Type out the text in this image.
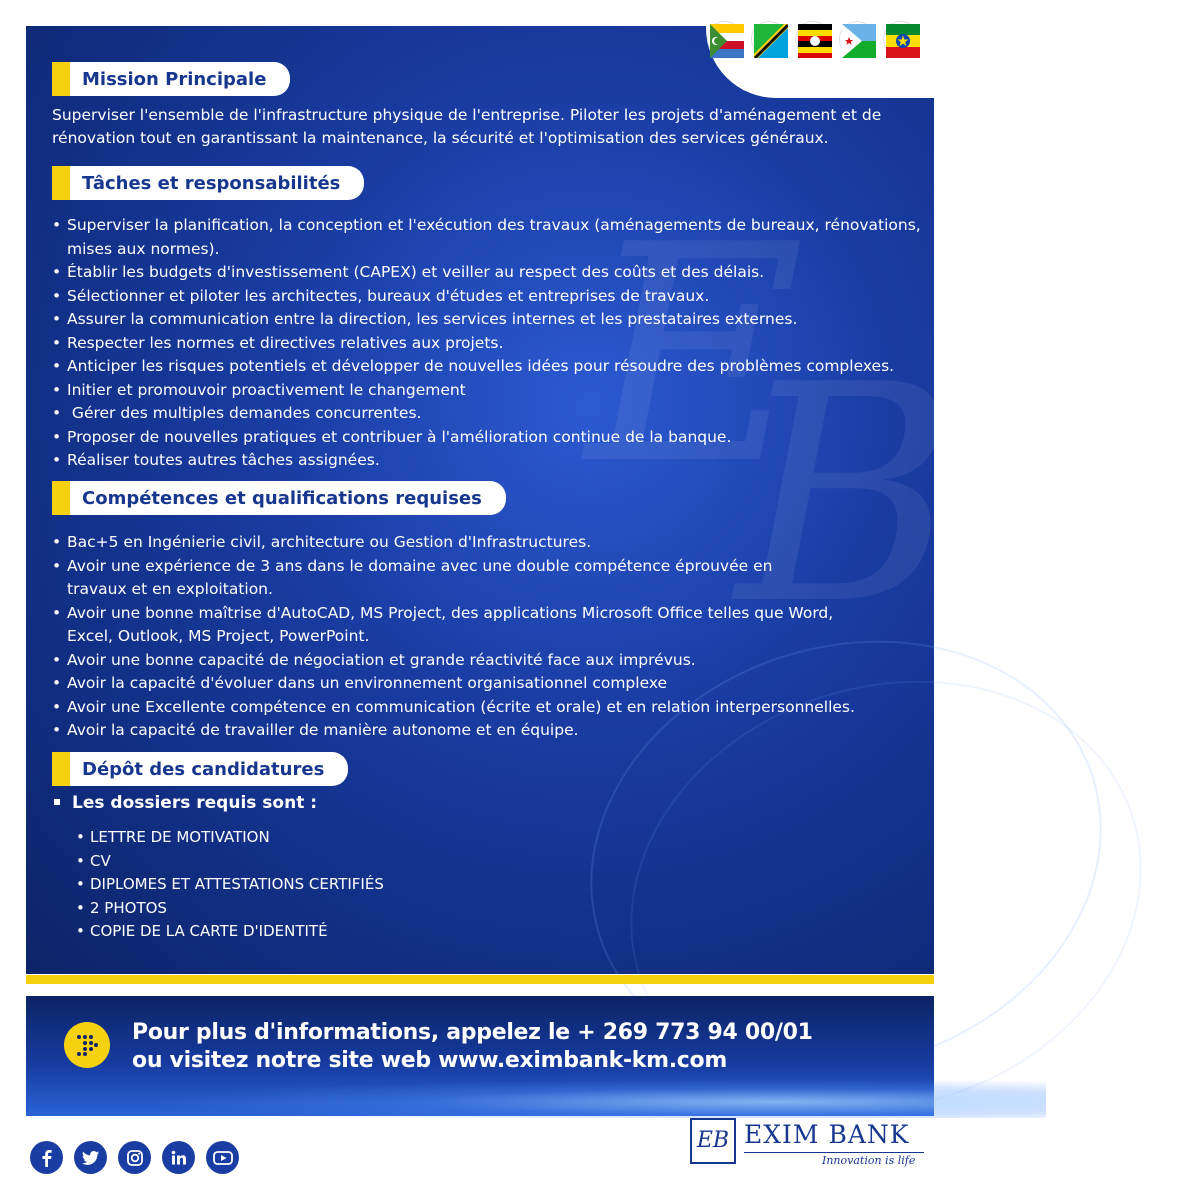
E
B
Mission Principale

Superviser l'ensemble de l'infrastructure physique de l'entreprise. Piloter les projets d'aménagement et de rénovation tout en garantissant la maintenance, la sécurité et l'optimisation des services généraux.

Tâches et responsabilités
• Superviser la planification, la conception et l'exécution des travaux (aménagements de bureaux, rénovations, mises aux normes).
• Établir les budgets d'investissement (CAPEX) et veiller au respect des coûts et des délais.
• Sélectionner et piloter les architectes, bureaux d'études et entreprises de travaux.
• Assurer la communication entre la direction, les services internes et les prestataires externes.
• Respecter les normes et directives relatives aux projets.
• Anticiper les risques potentiels et développer de nouvelles idées pour résoudre des problèmes complexes.
• Initier et promouvoir proactivement le changement
•  Gérer des multiples demandes concurrentes.
• Proposer de nouvelles pratiques et contribuer à l'amélioration continue de la banque.
• Réaliser toutes autres tâches assignées.
Compétences et qualifications requises
• Bac+5 en Ingénierie civil, architecture ou Gestion d'Infrastructures.
• Avoir une expérience de 3 ans dans le domaine avec une double compétence éprouvée en travaux et en exploitation.
• Avoir une bonne maîtrise d'AutoCAD, MS Project, des applications Microsoft Office telles que Word, Excel, Outlook, MS Project, PowerPoint.
• Avoir une bonne capacité de négociation et grande réactivité face aux imprévus.
• Avoir la capacité d'évoluer dans un environnement organisationnel complexe
• Avoir une Excellente compétence en communication (écrite et orale) et en relation interpersonnelles.
• Avoir la capacité de travailler de manière autonome et en équipe.
Dépôt des candidatures
Les dossiers requis sont :
• LETTRE DE MOTIVATION
• CV
• DIPLOMES ET ATTESTATIONS CERTIFIÉS
• 2 PHOTOS
• COPIE DE LA CARTE D'IDENTITÉ
Pour plus d'informations, appelez le + 269 773 94 00/01
ou visitez notre site web www.eximbank-km.com
EB EXIM BANK
Innovation is life
